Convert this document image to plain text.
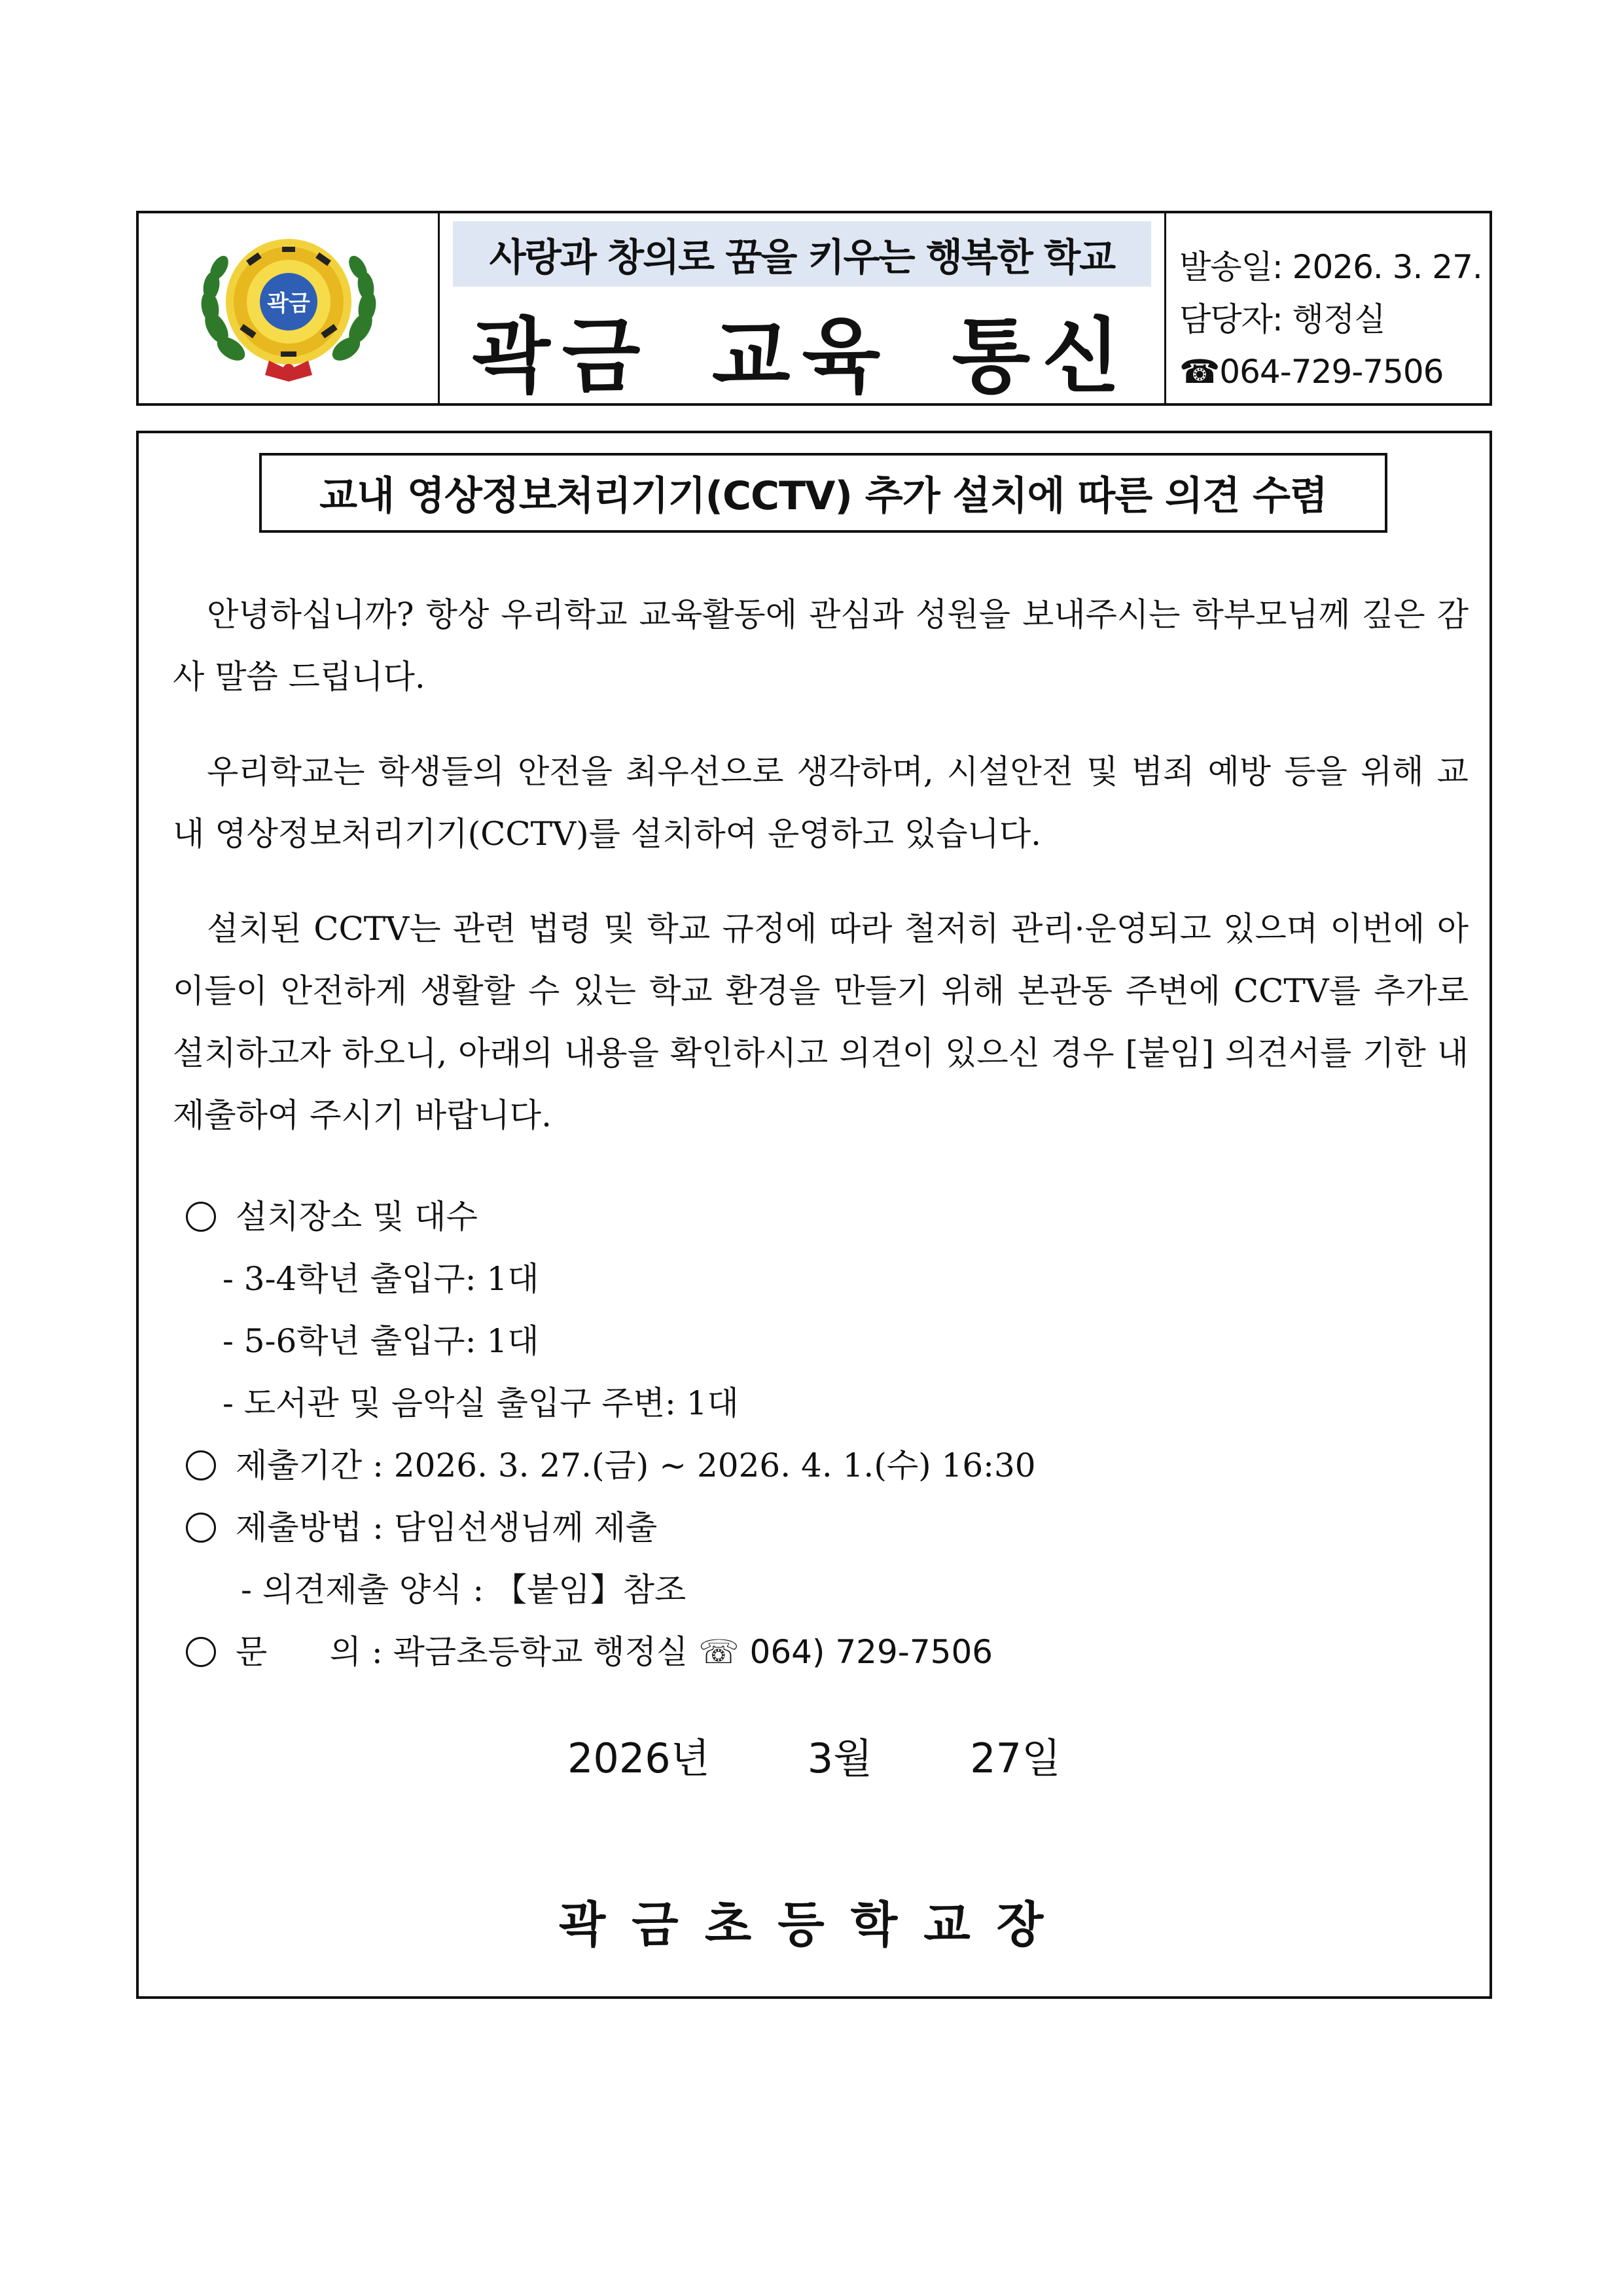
곽금
사랑과 창의로 꿈을 키우는 행복한 학교
곽금 교육 통신
발송일: 2026. 3. 27.
담당자: 행정실
☎064-729-7506
교내 영상정보처리기기(CCTV) 추가 설치에 따른 의견 수렴
안녕하십니까? 항상 우리학교 교육활동에 관심과 성원을 보내주시는 학부모님께 깊은 감사 말씀 드립니다.
우리학교는 학생들의 안전을 최우선으로 생각하며, 시설안전 및 범죄 예방 등을 위해 교내 영상정보처리기기(CCTV)를 설치하여 운영하고 있습니다.
설치된 CCTV는 관련 법령 및 학교 규정에 따라 철저히 관리·운영되고 있으며 이번에 아이들이 안전하게 생활할 수 있는 학교 환경을 만들기 위해 본관동 주변에 CCTV를 추가로 설치하고자 하오니, 아래의 내용을 확인하시고 의견이 있으신 경우 [붙임] 의견서를 기한 내 제출하여 주시기 바랍니다.
설치장소 및 대수
- 3-4학년 출입구: 1대
- 5-6학년 출입구: 1대
- 도서관 및 음악실 출입구 주변: 1대
제출기간 : 2026. 3. 27.(금) ~ 2026. 4. 1.(수) 16:30
제출방법 : 담임선생님께 제출
- 의견제출 양식 : 【붙임】참조
문      의 : 곽금초등학교 행정실 ☏ 064) 729-7506
2026년   3월   27일
곽금초등학교장
